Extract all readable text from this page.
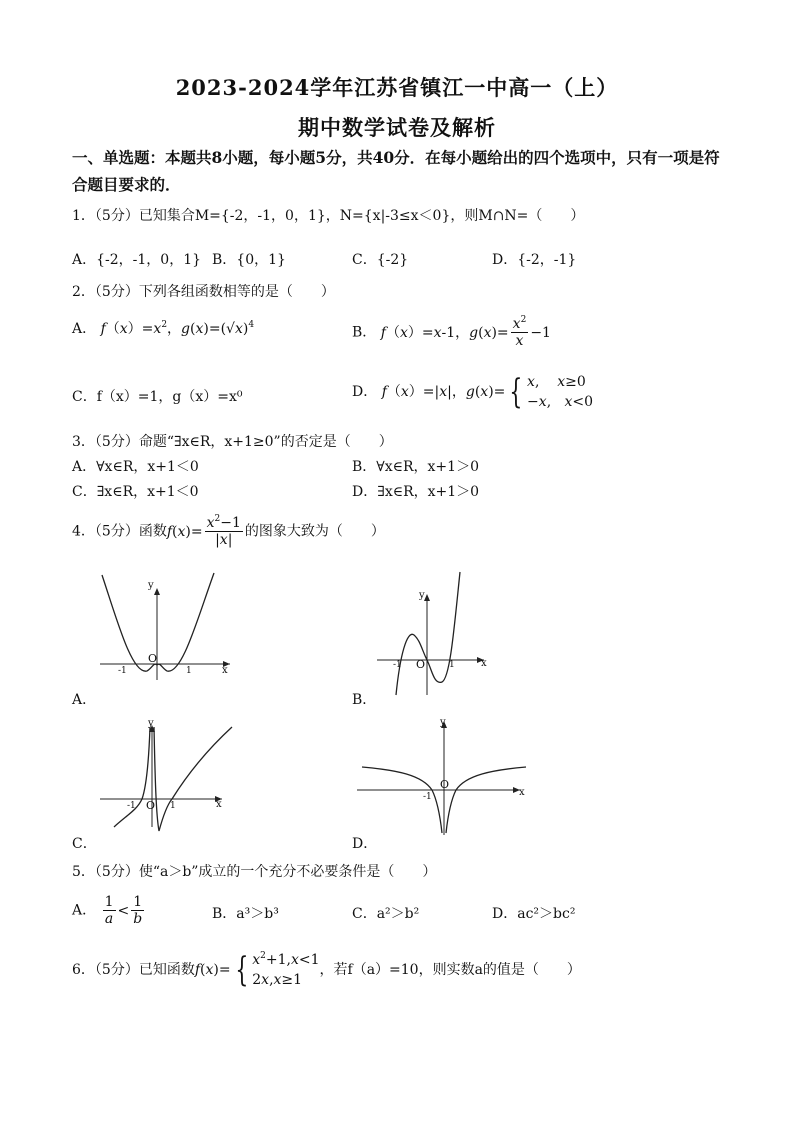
2023-2024学年江苏省镇江一中高一（上）
期中数学试卷及解析
一、单选题：本题共8小题，每小题5分，共40分．在每小题给出的四个选项中，只有一项是符合题目要求的．
1．（5分）已知集合M={-2，-1，0，1}，N={x|-3≤x＜0}，则M∩N=（　　）
A．{-2，-1，0，1} B．{0，1}	C．{-2}	D．{-2，-1}
2．（5分）下列各组函数相等的是（　　）
A． $f(x)=x^2$，$g(x)=(√x)^4$	B． f（x）=x-1，$g(x)= \frac{x^2}{x} -1$
C．f（x）=1，g（x）=x⁰	D． f（x）=|x|，g(x)= { x,    x≥0
−x,   x<0
3．（5分）命题“∃x∈R，x+1≥0”的否定是（　　）
A．∀x∈R，x+1＜0	B．∀x∈R，x+1＞0
C．∃x∈R，x+1＜0	D．∃x∈R，x+1＞0
4．（5分）函数$f(x)= \frac{x^2-1}{|x|}$ 的图象大致为（　　）
y
O
-1	1	x
A．
y
O
-1	1	x
B．
y
O
-1	1	x
C．
y
O
-1	x
D．
5．（5分）使“a＞b”成立的一个充分不必要条件是（　　）
A． $\frac{1}{a} < \frac{1}{b}$	B．a³＞b³	C．a²＞b²	D．ac²＞bc²
6．（5分）已知函数f(x)= { $x^2+1,x<1$
2x,x≥1，若f（a）=10，则实数a的值是（　　）
